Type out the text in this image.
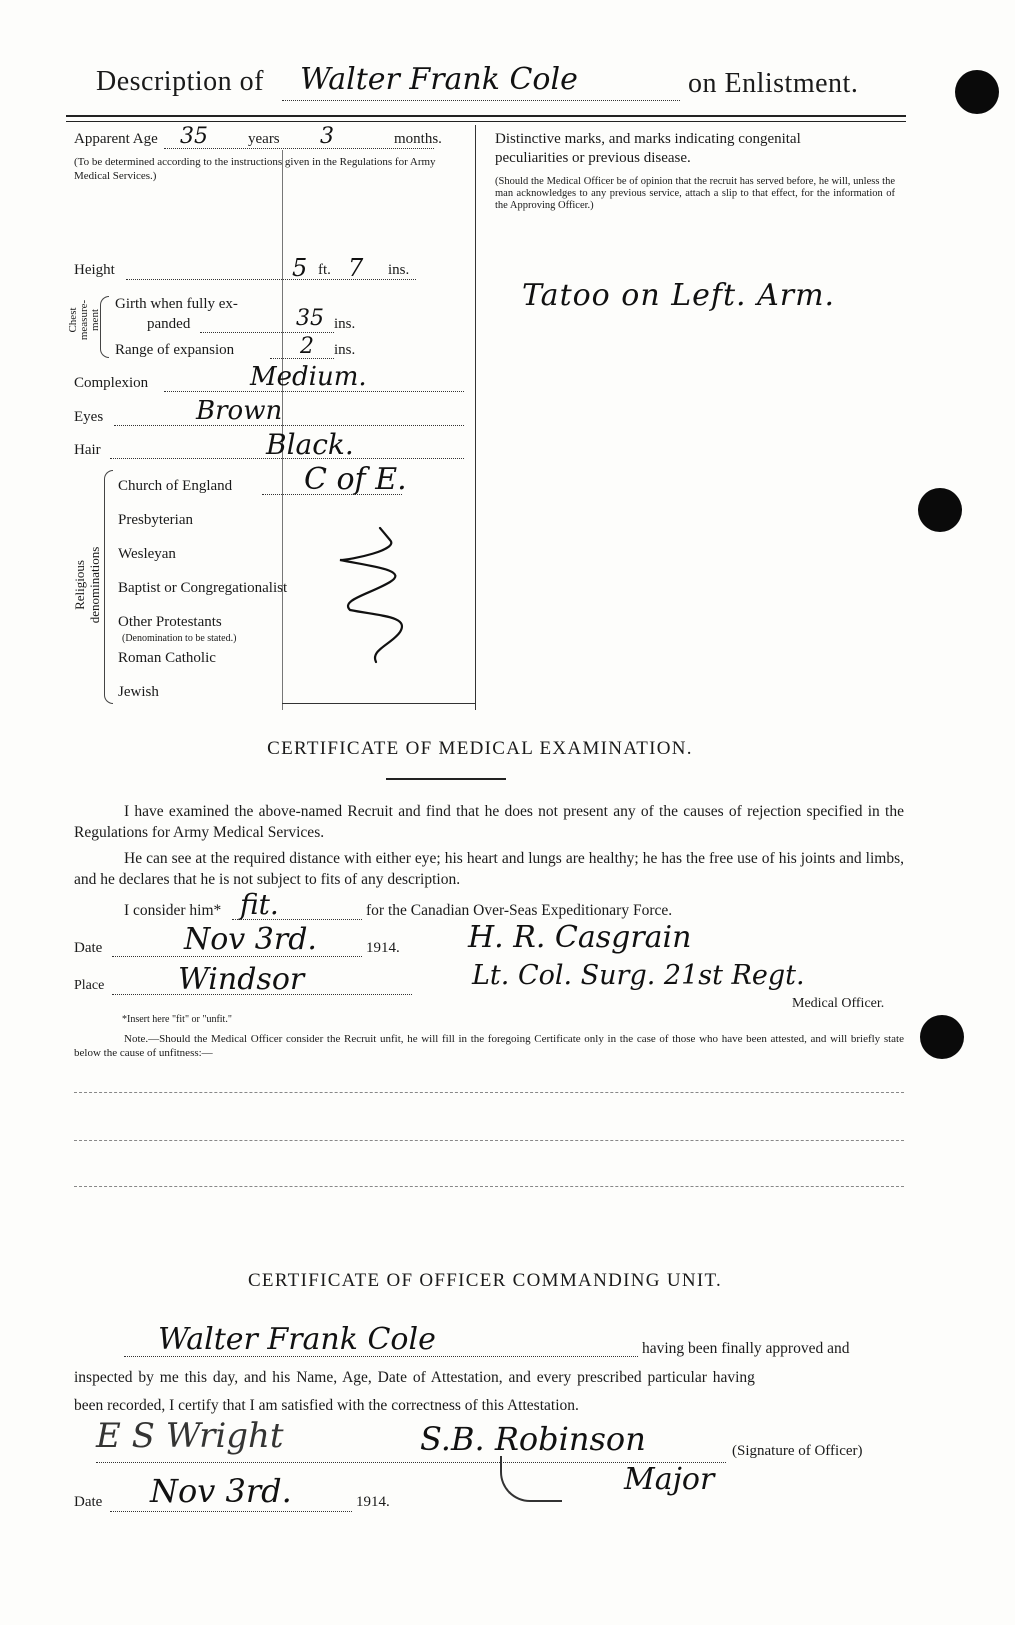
Description of Walter Frank Cole	on Enlistment.
Apparent Age 35	years 3	months.
(To be determined according to the instructions given in the Regulations for Army Medical Services.)
Height	5 ft. 7 ins.
Chest measure-ment
Girth when fully ex-
panded	35 ins.
Range of expansion	2 ins.
Complexion	Medium.
Eyes	Brown
Hair	Black.
Religious denominations
Church of England C of E.
Presbyterian
Wesleyan
Baptist or Congregationalist
Other Protestants
(Denomination to be stated.)
Roman Catholic
Jewish
Distinctive marks, and marks indicating congenital
peculiarities or previous disease.
(Should the Medical Officer be of opinion that the recruit has served before, he will, unless the man acknowledges to any previous service, attach a slip to that effect, for the information of the Approving Officer.)
Tatoo on Left. Arm.
CERTIFICATE OF MEDICAL EXAMINATION.
I have examined the above-named Recruit and find that he does not present any of the causes of rejection specified in the Regulations for Army Medical Services.
He can see at the required distance with either eye; his heart and lungs are healthy; he has the free use of his joints and limbs, and he declares that he is not subject to fits of any description.
I consider him* fit.	for the Canadian Over-Seas Expeditionary Force.
Date	Nov 3rd.	1914. H. R. Casgrain
Place Windsor	Lt. Col. Surg. 21st Regt.
Medical Officer.
*Insert here "fit" or "unfit."
Note.—Should the Medical Officer consider the Recruit unfit, he will fill in the foregoing Certificate only in the case of those who have been attested, and will briefly state below the cause of unfitness:—
CERTIFICATE OF OFFICER COMMANDING UNIT.
Walter Frank Cole	having been finally approved and
inspected by me this day, and his Name, Age, Date of Attestation, and every prescribed particular having
been recorded, I certify that I am satisfied with the correctness of this Attestation.
E S Wright	S.B. Robinson	(Signature of Officer)
Major
Date Nov 3rd.	1914.
